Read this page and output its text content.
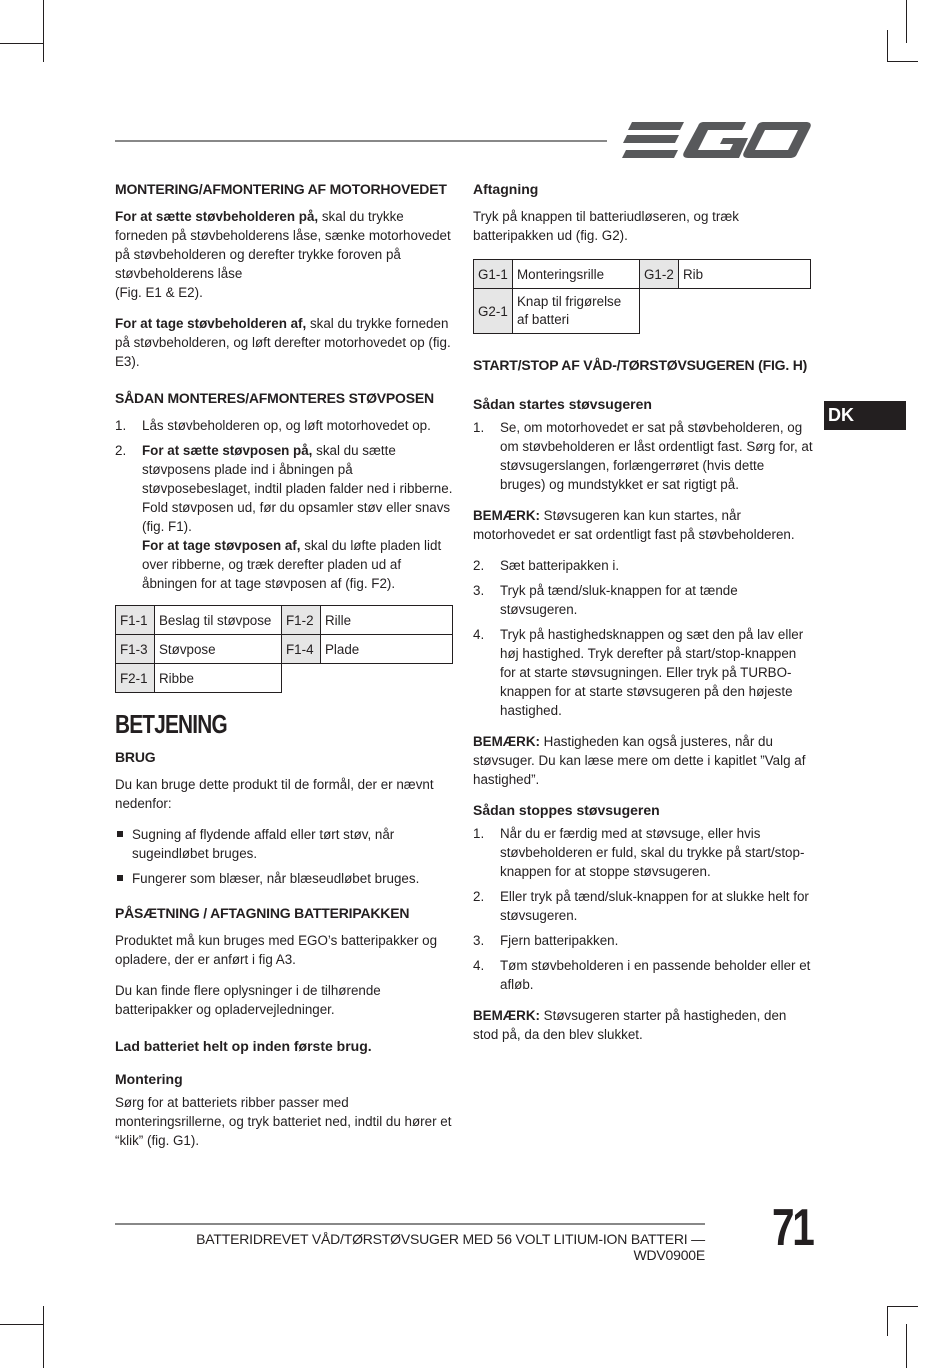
DK
MONTERING/AFMONTERING AF MOTORHOVEDET

For at sætte støvbeholderen på, skal du trykke forneden på støvbeholderens låse, sænke motorhovedet på støvbeholderen og derefter trykke foroven på støvbeholderens låse
(Fig. E1 & E2).

For at tage støvbeholderen af, skal du trykke forneden på støvbeholderen, og løft derefter motorhovedet op (fig. E3).

SÅDAN MONTERES/AFMONTERES STØVPOSEN
1. Lås støvbeholderen op, og løft motorhovedet op.
2. For at sætte støvposen på, skal du sætte støvposens plade ind i åbningen på støvposebeslaget, indtil pladen falder ned i ribberne. Fold støvposen ud, før du opsamler støv eller snavs (fig. F1).
For at tage støvposen af, skal du løfte pladen lidt over ribberne, og træk derefter pladen ud af åbningen for at tage støvposen af (fig. F2).
F1-1	Beslag til støvpose	F1-2	Rille
F1-3	Støvpose	F1-4	Plade
F2-1	Ribbe		
BETJENING
BRUG

Du kan bruge dette produkt til de formål, der er nævnt nedenfor:

Sugning af flydende affald eller tørt støv, når sugeindløbet bruges.
Fungerer som blæser, når blæseudløbet bruges.
PÅSÆTNING / AFTAGNING BATTERIPAKKEN

Produktet må kun bruges med EGO’s batteripakker og opladere, der er anført i fig A3.

Du kan finde flere oplysninger i de tilhørende batteripakker og opladervejledninger.

Lad batteriet helt op inden første brug.
Montering

Sørg for at batteriets ribber passer med monteringsrillerne, og tryk batteriet ned, indtil du hører et “klik” (fig. G1).

Aftagning

Tryk på knappen til batteriudløseren, og træk batteripakken ud (fig. G2).

G1-1	Monteringsrille	G1-2	Rib
G2-1	Knap til frigørelse af batteri		
START/STOP AF VÅD-/TØRSTØVSUGEREN (FIG. H)
Sådan startes støvsugeren
1. Se, om motorhovedet er sat på støvbeholderen, og om støvbeholderen er låst ordentligt fast. Sørg for, at støvsugerslangen, forlængerrøret (hvis dette bruges) og mundstykket er sat rigtigt på.

BEMÆRK: Støvsugeren kan kun startes, når motorhovedet er sat ordentligt fast på støvbeholderen.

2. Sæt batteripakken i.
3. Tryk på tænd/sluk-knappen for at tænde støvsugeren.
4. Tryk på hastighedsknappen og sæt den på lav eller høj hastighed. Tryk derefter på start/stop-knappen for at starte støvsugningen. Eller tryk på TURBO-knappen for at starte støvsugeren på den højeste hastighed.

BEMÆRK: Hastigheden kan også justeres, når du støvsuger. Du kan læse mere om dette i kapitlet ”Valg af hastighed”.

Sådan stoppes støvsugeren
1. Når du er færdig med at støvsuge, eller hvis støvbeholderen er fuld, skal du trykke på start/stop-knappen for at stoppe støvsugeren.
2. Eller tryk på tænd/sluk-knappen for at slukke helt for støvsugeren.
3. Fjern batteripakken.
4. Tøm støvbeholderen i en passende beholder eller et afløb.

BEMÆRK: Støvsugeren starter på hastigheden, den stod på, da den blev slukket.

BATTERIDREVET VÅD/TØRSTØVSUGER MED 56 VOLT LITIUM-ION BATTERI — WDV0900E 71
